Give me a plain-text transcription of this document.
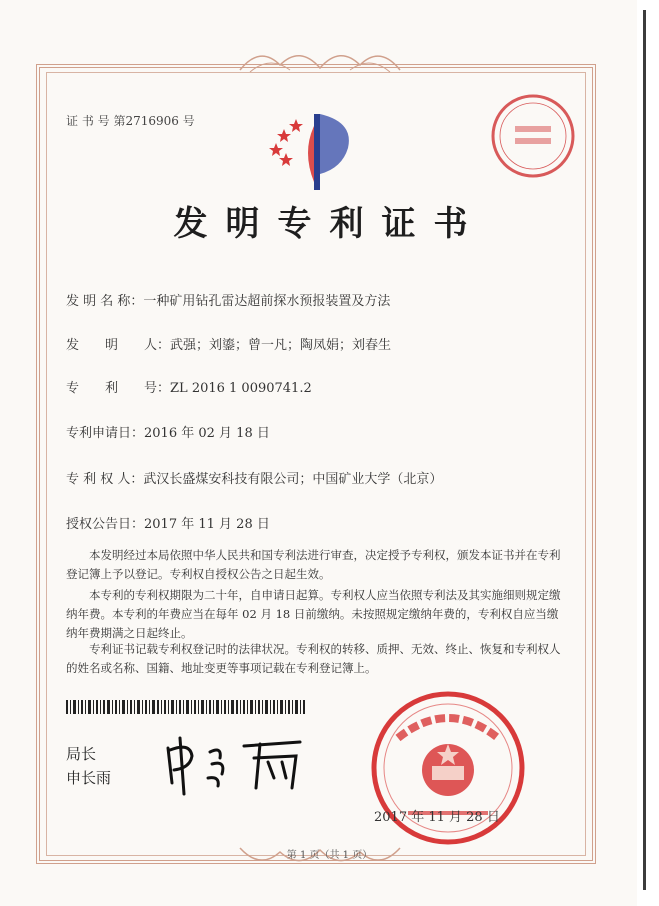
证 书 号 第2716906 号
发明专利证书
发 明 名 称：一种矿用钻孔雷达超前探水预报装置及方法
发　　明　　人：武强；刘鎏；曾一凡；陶凤娟；刘春生
专　　利　　号：ZL 2016 1 0090741.2
专利申请日：2016 年 02 月 18 日
专 利 权 人：武汉长盛煤安科技有限公司；中国矿业大学（北京）
授权公告日：2017 年 11 月 28 日

本发明经过本局依照中华人民共和国专利法进行审查，决定授予专利权，颁发本证书并在专利登记簿上予以登记。专利权自授权公告之日起生效。

本专利的专利权期限为二十年，自申请日起算。专利权人应当依照专利法及其实施细则规定缴纳年费。本专利的年费应当在每年 02 月 18 日前缴纳。未按照规定缴纳年费的，专利权自应当缴纳年费期满之日起终止。

专利证书记载专利权登记时的法律状况。专利权的转移、质押、无效、终止、恢复和专利权人的姓名或名称、国籍、地址变更等事项记载在专利登记簿上。

局长
申长雨
2017 年 11 月 28 日
第 1 页（共 1 页）
